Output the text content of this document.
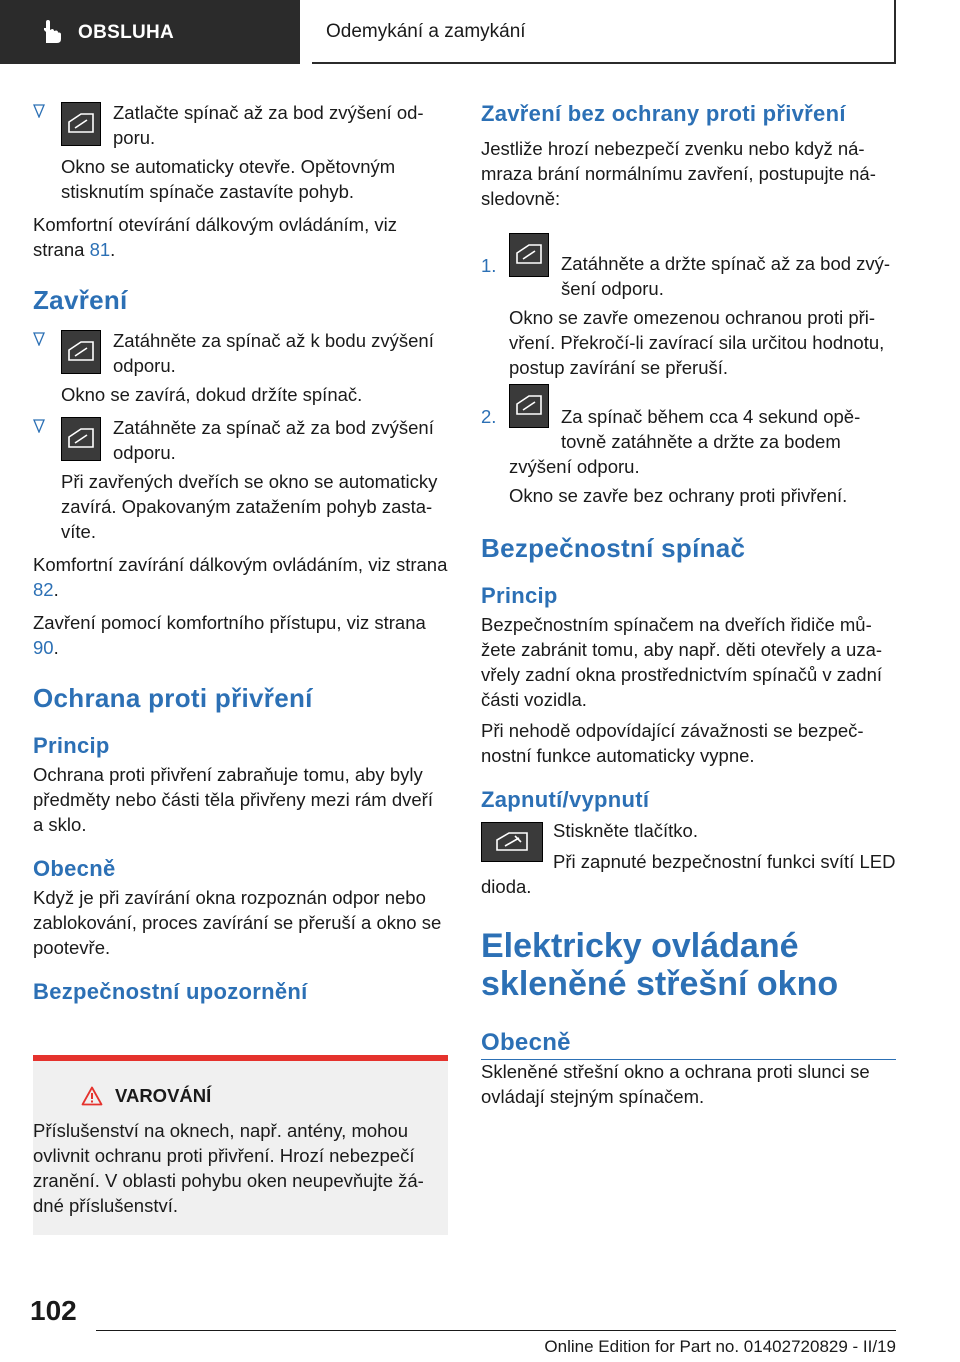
OBSLUHA	Odemykání a zamykání
Zatlačte spínač až za bod zvýšení od‐poru.

Okno se automaticky otevře. Opětovným stisknutím spínače zastavíte pohyb.

Komfortní otevírání dálkovým ovládáním, viz strana 81.

Zavření
Zatáhněte za spínač až k bodu zvýšení odporu.

Okno se zavírá, dokud držíte spínač.

Zatáhněte za spínač až za bod zvýšení odporu.

Při zavřených dveřích se okno se automaticky zavírá. Opakovaným zatažením pohyb zasta‐víte.

Komfortní zavírání dálkovým ovládáním, viz strana 82.

Zavření pomocí komfortního přístupu, viz strana 90.

Ochrana proti přivření
Princip

Ochrana proti přivření zabraňuje tomu, aby byly předměty nebo části těla přivřeny mezi rám dveří a sklo.

Obecně

Když je při zavírání okna rozpoznán odpor nebo zablokování, proces zavírání se přeruší a okno se pootevře.

Bezpečnostní upozornění
VAROVÁNÍ

Příslušenství na oknech, např. antény, mohou ovlivnit ochranu proti přivření. Hrozí nebezpečí zranění. V oblasti pohybu oken neupevňujte žá‐dné příslušenství.

Zavření bez ochrany proti přivření

Jestliže hrozí nebezpečí zvenku nebo když ná‐mraza brání normálnímu zavření, postupujte ná‐sledovně:

1.	Zatáhněte a držte spínač až za bod zvý‐šení odporu.

Okno se zavře omezenou ochranou proti při‐vření. Překročí-li zavírací sila určitou hodnotu, postup zavírání se přeruší.

2.	Za spínač během cca 4 sekund opě‐tovně zatáhněte a držte za bodem zvýšení odporu.

Okno se zavře bez ochrany proti přivření.

Bezpečnostní spínač
Princip

Bezpečnostním spínačem na dveřích řidiče mů‐žete zabránit tomu, aby např. děti otevřely a uza‐vřely zadní okna prostřednictvím spínačů v zadní části vozidla.

Při nehodě odpovídající závažnosti se bezpeč‐nostní funkce automaticky vypne.

Zapnutí/vypnutí

Stiskněte tlačítko.

Při zapnuté bezpečnostní funkci svítí LED dioda.

Elektricky ovládané
skleněné střešní okno
Obecně

Skleněné střešní okno a ochrana proti slunci se ovládají stejným spínačem.

102
Online Edition for Part no. 01402720829 - II/19
